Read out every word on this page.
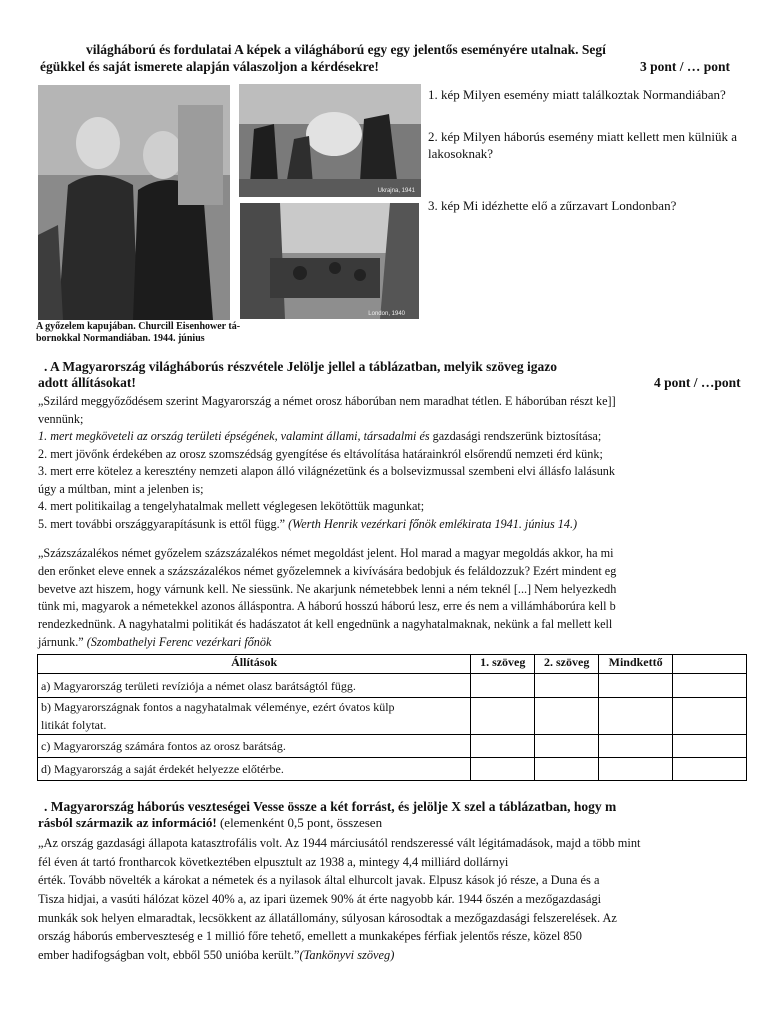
világháború és fordulatai A képek a világháború egy egy jelentős eseményére utalnak. Segí
égükkel és saját ismerete alapján válaszoljon a kérdésekre!	3 pont / … pont
A győzelem kapujában. Churcill Eisenhower tá-
bornokkal Normandiában. 1944. június
Ukrajna, 1941
London, 1940
1. kép Milyen esemény miatt találkoztak Normandiában?
2. kép Milyen háborús esemény miatt kellett men külniük a lakosoknak?
3. kép Mi idézhette elő a zűrzavart Londonban?
. A Magyarország világháborús részvétele Jelölje jellel a táblázatban, melyik szöveg igazo
adott állításokat!	4 pont / …pont
„Szilárd meggyőződésem szerint Magyarország a német orosz háborúban nem maradhat tétlen. E háborúban részt ke]]
vennünk;
1. mert megköveteli az ország területi épségének, valamint állami, társadalmi és gazdasági rendszerünk biztosítása;
2. mert jövőnk érdekében az orosz szomszédság gyengítése és eltávolítása határainkról elsőrendű nemzeti érd künk;
3. mert erre kötelez a keresztény nemzeti alapon álló világnézetünk és a bolsevizmussal szembeni elvi állásfo lalásunk
úgy a múltban, mint a jelenben is;
4. mert politikailag a tengelyhatalmak mellett véglegesen lekötöttük magunkat;
5. mert további országgyarapításunk is ettől függ.” (Werth Henrik vezérkari főnök emlékirata 1941. június 14.)
„Százszázalékos német győzelem százszázalékos német megoldást jelent. Hol marad a magyar megoldás akkor, ha mi
den erőnket eleve ennek a százszázalékos német győzelemnek a kivívására bedobjuk és feláldozzuk? Ezért mindent eg
bevetve azt hiszem, hogy várnunk kell. Ne siessünk. Ne akarjunk németebbek lenni a ném teknél [...] Nem helyezkedh
tünk mi, magyarok a németekkel azonos álláspontra. A háború hosszú háború lesz, erre és nem a villámháborúra kell b
rendezkednünk. A nagyhatalmi politikát és hadászatot át kell engednünk a nagyhatalmaknak, nekünk a fal mellett kell
járnunk.” (Szombathelyi Ferenc vezérkari főnök
Állítások	1. szöveg	2. szöveg	Mindkettő	
a) Magyarország területi revíziója a német olasz barátságtól függ.				

b) Magyarországnak fontos a nagyhatalmak véleménye, ezért óvatos külp
litikát folytat.				

c) Magyarország számára fontos az orosz barátság.				
d) Magyarország a saját érdekét helyezze előtérbe.				
. Magyarország háborús veszteségei Vesse össze a két forrást, és jelölje X szel a táblázatban, hogy m
rásból származik az információ! (elemenként 0,5 pont, összesen
„Az ország gazdasági állapota katasztrofális volt. Az 1944 márciusától rendszeressé vált légitámadások, majd a több mint
fél éven át tartó frontharcok következtében elpusztult az 1938 a, mintegy 4,4 milliárd dollárnyi
érték. Tovább növelték a károkat a németek és a nyilasok által elhurcolt javak. Elpusz kások jó része, a Duna és a
Tisza hidjai, a vasúti hálózat közel 40% a, az ipari üzemek 90% át érte nagyobb kár. 1944 őszén a mezőgazdasági
munkák sok helyen elmaradtak, lecsökkent az állatállomány, súlyosan károsodtak a mezőgazdasági felszerelések. Az
ország háborús emberveszteség e 1 millió főre tehető, emellett a munkaképes férfiak jelentős része, közel 850
ember hadifogságban volt, ebből 550 unióba került.”(Tankönyvi szöveg)
